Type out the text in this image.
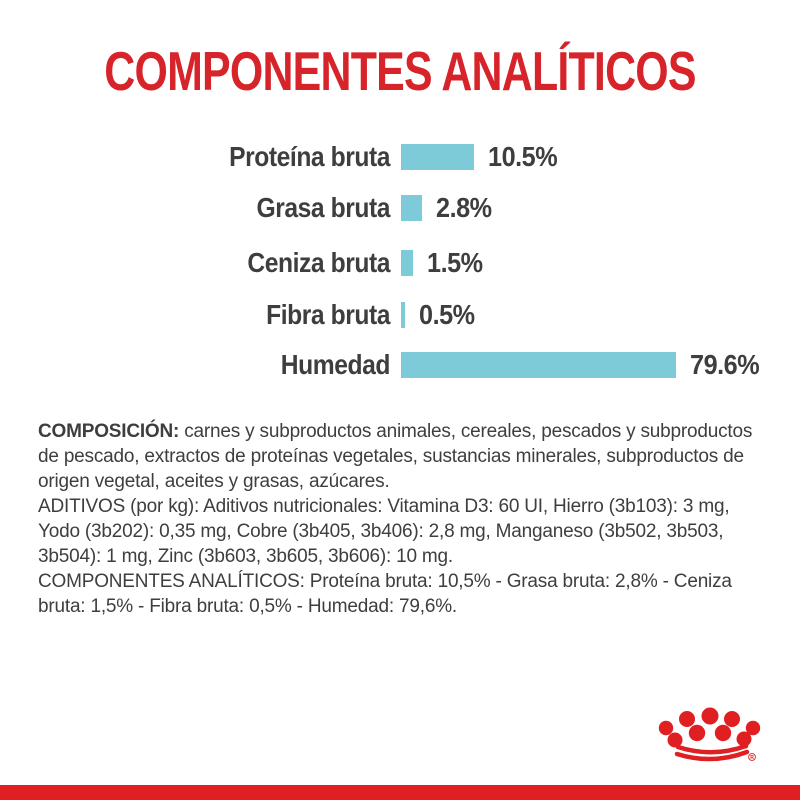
COMPONENTES ANALÍTICOS
Proteína bruta	10.5%
Grasa bruta 2.8%
Ceniza bruta 1.5%
Fibra bruta 0.5%
Humedad	79.6%

COMPOSICIÓN: carnes y subproductos animales, cereales, pescados y subproductos de pescado, extractos de proteínas vegetales, sustancias minerales, subproductos de origen vegetal, aceites y grasas, azúcares.

ADITIVOS (por kg): Aditivos nutricionales: Vitamina D3: 60 UI, Hierro (3b103): 3 mg, Yodo (3b202): 0,35 mg, Cobre (3b405, 3b406): 2,8 mg, Manganeso (3b502, 3b503, 3b504): 1 mg, Zinc (3b603, 3b605, 3b606): 10 mg.

COMPONENTES ANALÍTICOS: Proteína bruta: 10,5% - Grasa bruta: 2,8% - Ceniza bruta: 1,5% - Fibra bruta: 0,5% - Humedad: 79,6%.

R
